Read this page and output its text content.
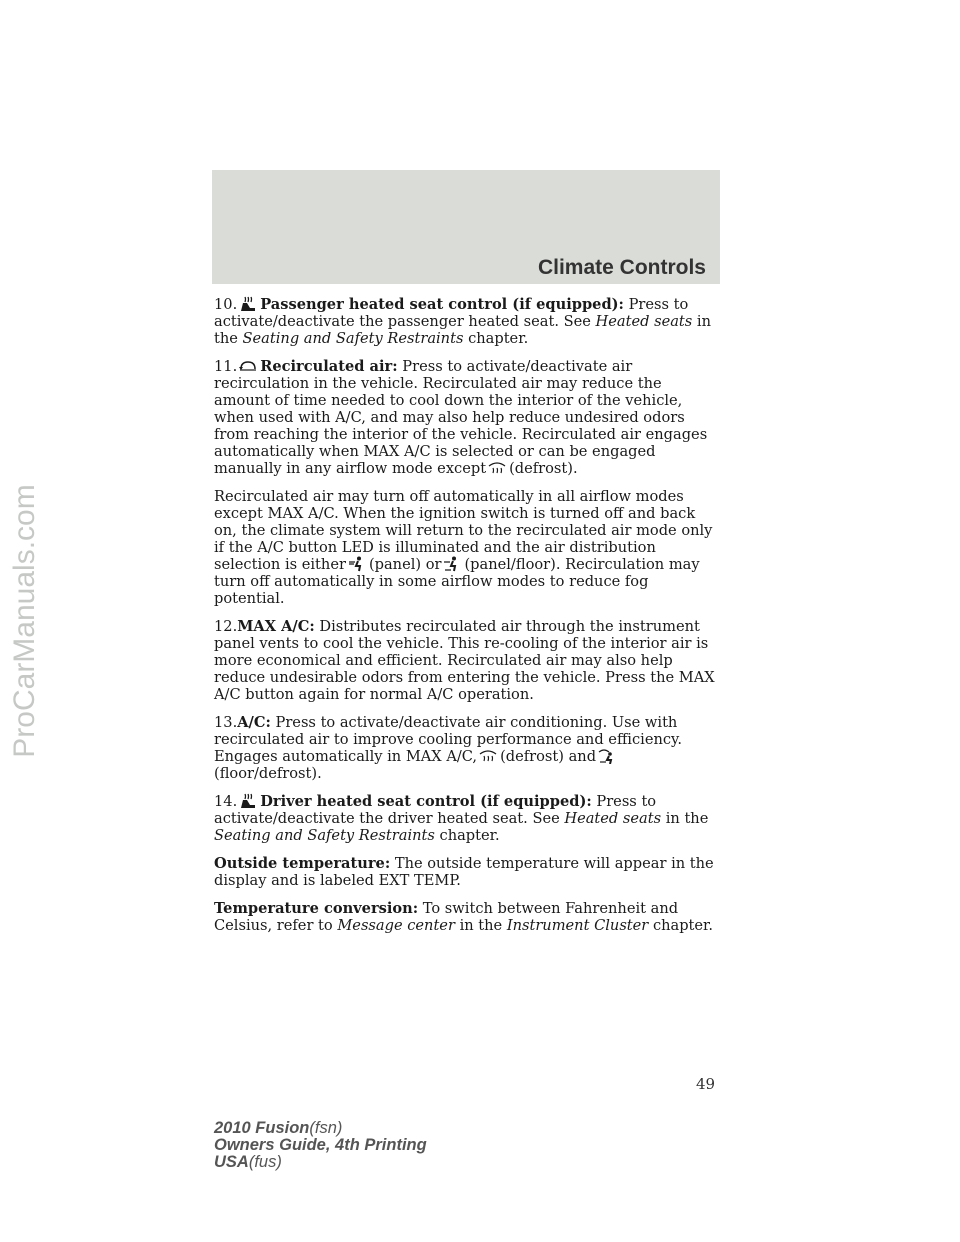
ProCarManuals.com
Climate Controls

10. Passenger heated seat control (if equipped): Press to activate/deactivate the passenger heated seat. See Heated seats in the Seating and Safety Restraints chapter.

11. Recirculated air: Press to activate/deactivate air recirculation in the vehicle. Recirculated air may reduce the amount of time needed to cool down the interior of the vehicle, when used with A/C, and may also help reduce undesired odors from reaching the interior of the vehicle. Recirculated air engages automatically when MAX A/C is selected or can be engaged manually in any airflow mode except (defrost).

Recirculated air may turn off automatically in all airflow modes except MAX A/C. When the ignition switch is turned off and back on, the climate system will return to the recirculated air mode only if the A/C button LED is illuminated and the air distribution selection is either (panel) or (panel/floor). Recirculation may turn off automatically in some airflow modes to reduce fog potential.

12.MAX A/C: Distributes recirculated air through the instrument panel vents to cool the vehicle. This re-cooling of the interior air is more economical and efficient. Recirculated air may also help reduce undesirable odors from entering the vehicle. Press the MAX A/C button again for normal A/C operation.

13.A/C: Press to activate/deactivate air conditioning. Use with recirculated air to improve cooling performance and efficiency. Engages automatically in MAX A/C, (defrost) and
(floor/defrost).

14. Driver heated seat control (if equipped): Press to activate/deactivate the driver heated seat. See Heated seats in the Seating and Safety Restraints chapter.

Outside temperature: The outside temperature will appear in the display and is labeled EXT TEMP.

Temperature conversion: To switch between Fahrenheit and Celsius, refer to Message center in the Instrument Cluster chapter.

49
2010 Fusion(fsn)
Owners Guide, 4th Printing
USA(fus)
